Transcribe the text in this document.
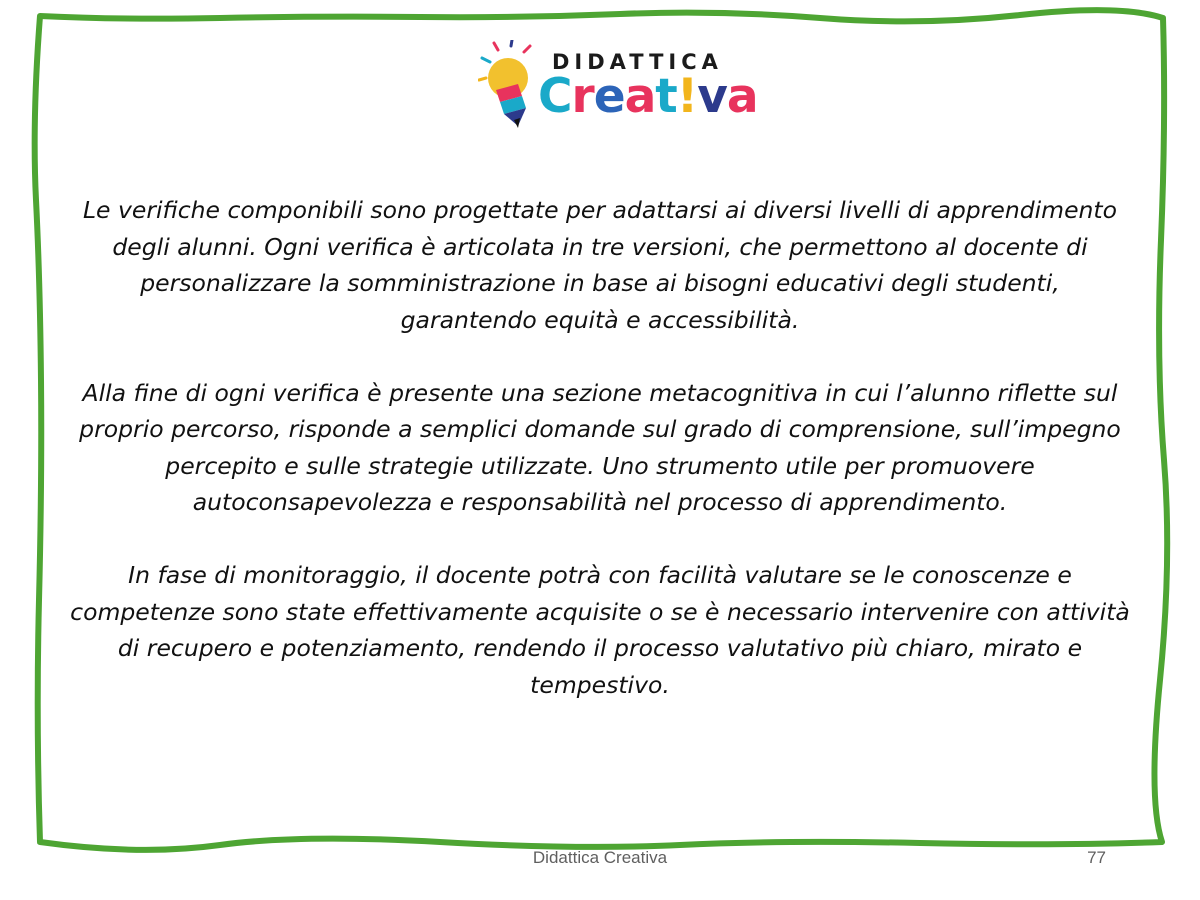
DIDATTICA
Creat!va

Le verifiche componibili sono progettate per adattarsi ai diversi livelli di apprendimento degli alunni. Ogni verifica è articolata in tre versioni, che permettono al docente di personalizzare la somministrazione in base ai bisogni educativi degli studenti, garantendo equità e accessibilità.

Alla fine di ogni verifica è presente una sezione metacognitiva in cui l’alunno riflette sul proprio percorso, risponde a semplici domande sul grado di comprensione, sull’impegno percepito e sulle strategie utilizzate. Uno strumento utile per promuovere autoconsapevolezza e responsabilità nel processo di apprendimento.

In fase di monitoraggio, il docente potrà con facilità valutare se le conoscenze e competenze sono state effettivamente acquisite o se è necessario intervenire con attività di recupero e potenziamento, rendendo il processo valutativo più chiaro, mirato e tempestivo.

Didattica Creativa	77
